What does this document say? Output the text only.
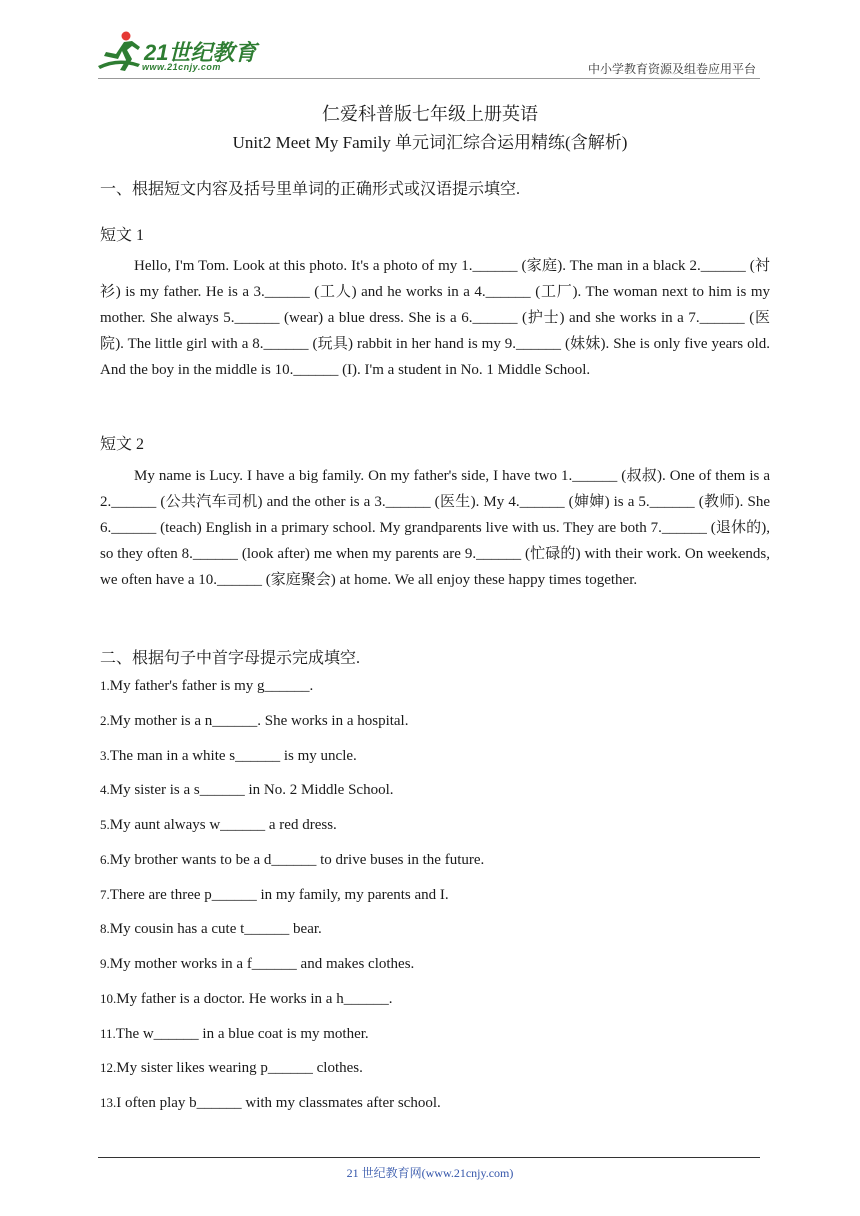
21世纪教育
www.21cnjy.com	中小学教育资源及组卷应用平台
仁爱科普版七年级上册英语
Unit2 Meet My Family 单元词汇综合运用精练(含解析)
一、根据短文内容及括号里单词的正确形式或汉语提示填空.
短文 1
Hello, I'm Tom. Look at this photo. It's a photo of my 1.______ (家庭). The man in a black 2.______ (衬衫) is my father. He is a 3.______ (工人) and he works in a 4.______ (工厂). The woman next to him is my mother. She always 5.______ (wear) a blue dress. She is a 6.______ (护士) and she works in a 7.______ (医院). The little girl with a 8.______ (玩具) rabbit in her hand is my 9.______ (妹妹). She is only five years old. And the boy in the middle is 10.______ (I). I'm a student in No. 1 Middle School.
短文 2
My name is Lucy. I have a big family. On my father's side, I have two 1.______ (叔叔). One of them is a 2.______ (公共汽车司机) and the other is a 3.______ (医生). My 4.______ (婶婶) is a 5.______ (教师). She 6.______ (teach) English in a primary school. My grandparents live with us. They are both 7.______ (退休的), so they often 8.______ (look after) me when my parents are 9.______ (忙碌的) with their work. On weekends, we often have a 10.______ (家庭聚会) at home. We all enjoy these happy times together.
二、根据句子中首字母提示完成填空.
1.My father's father is my g______.
2.My mother is a n______. She works in a hospital.
3.The man in a white s______ is my uncle.
4.My sister is a s______ in No. 2 Middle School.
5.My aunt always w______ a red dress.
6.My brother wants to be a d______ to drive buses in the future.
7.There are three p______ in my family, my parents and I.
8.My cousin has a cute t______ bear.
9.My mother works in a f______ and makes clothes.
10.My father is a doctor. He works in a h______.
11.The w______ in a blue coat is my mother.
12.My sister likes wearing p______ clothes.
13.I often play b______ with my classmates after school.
21 世纪教育网(www.21cnjy.com)
